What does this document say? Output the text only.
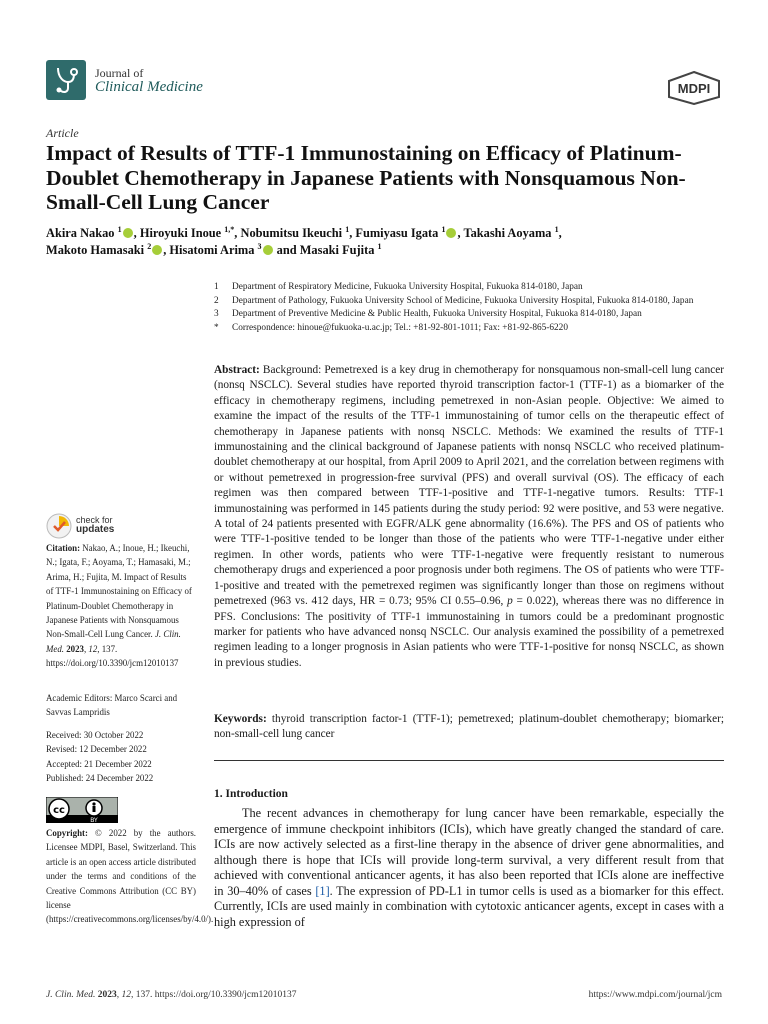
Journal of
Clinical Medicine	MDPI
Article
Impact of Results of TTF-1 Immunostaining on Efficacy of Platinum-Doublet Chemotherapy in Japanese Patients with Nonsquamous Non-Small-Cell Lung Cancer
Akira Nakao $^1$ , Hiroyuki Inoue $^{1,*}$, Nobumitsu Ikeuchi $^1$, Fumiyasu Igata $^1$ , Takashi Aoyama $^1$,
Makoto Hamasaki $^2$ , Hisatomi Arima $^3$ and Masaki Fujita $^1$
1	Department of Respiratory Medicine, Fukuoka University Hospital, Fukuoka 814-0180, Japan
2	Department of Pathology, Fukuoka University School of Medicine, Fukuoka University Hospital, Fukuoka 814-0180, Japan
3	Department of Preventive Medicine & Public Health, Fukuoka University Hospital, Fukuoka 814-0180, Japan
*	Correspondence: hinoue@fukuoka-u.ac.jp; Tel.: +81-92-801-1011; Fax: +81-92-865-6220

Abstract: Background: Pemetrexed is a key drug in chemotherapy for nonsquamous non-small-cell lung cancer (nonsq NSCLC). Several studies have reported thyroid transcription factor-1 (TTF-1) as a biomarker of the efficacy in chemotherapy regimens, including pemetrexed in non-Asian people. Objective: We aimed to examine the impact of the results of the TTF-1 immunostaining of tumor cells on the therapeutic effect of chemotherapy in Japanese patients with nonsq NSCLC. Methods: We examined the results of TTF-1 immunostaining and the clinical background of Japanese patients with nonsq NSCLC who received platinum-doublet chemotherapy at our hospital, from April 2009 to April 2021, and the correlation between regimens with or without pemetrexed in progression-free survival (PFS) and overall survival (OS). The efficacy of each regimen was then compared between TTF-1-positive and TTF-1-negative tumors. Results: TTF-1 immunostaining was performed in 145 patients during the study period: 92 were positive, and 53 were negative. A total of 24 patients presented with EGFR/ALK gene abnormality (16.6%). The PFS and OS of patients who were TTF-1-positive tended to be longer than those of the patients who were TTF-1-negative under either regimen. In other words, patients who were TTF-1-negative were frequently resistant to numerous chemotherapy drugs and experienced a poor prognosis under both regimens. The OS of patients who were TTF-1-positive and treated with the pemetrexed regimen was significantly longer than those on regimens without pemetrexed (963 vs. 412 days, HR = 0.73; 95% CI 0.55–0.96, p = 0.022), whereas there was no difference in PFS. Conclusions: The positivity of TTF-1 immunostaining in tumors could be a predominant prognostic marker for patients who have advanced nonsq NSCLC. Our analysis examined the possibility of a pemetrexed regimen leading to a longer prognosis in Asian patients who were TTF-1-positive for nonsq NSCLC, as shown in previous studies.

Keywords: thyroid transcription factor-1 (TTF-1); pemetrexed; platinum-doublet chemotherapy; biomarker; non-small-cell lung cancer

1. Introduction

The recent advances in chemotherapy for lung cancer have been remarkable, especially the emergence of immune checkpoint inhibitors (ICIs), which have greatly changed the standard of care. ICIs are now actively selected as a first-line therapy in the absence of driver gene abnormalities, and although there is hope that ICIs will provide long-term survival, a very different result from that achieved with conventional anticancer agents, it has also been reported that ICIs alone are ineffective in 30–40% of cases [1]. The expression of PD-L1 in tumor cells is used as a biomarker for this effect. Currently, ICIs are used mainly in combination with cytotoxic anticancer agents, except in cases with a high expression of

check for
updates
Citation: Nakao, A.; Inoue, H.; Ikeuchi, N.; Igata, F.; Aoyama, T.; Hamasaki, M.; Arima, H.; Fujita, M. Impact of Results of TTF-1 Immunostaining on Efficacy of Platinum-Doublet Chemotherapy in Japanese Patients with Nonsquamous Non-Small-Cell Lung Cancer. J. Clin. Med. 2023, 12, 137. https://doi.org/10.3390/jcm12010137
Academic Editors: Marco Scarci and Savvas Lampridis
Received: 30 October 2022
Revised: 12 December 2022
Accepted: 21 December 2022
Published: 24 December 2022
cc
BY
Copyright: © 2022 by the authors. Licensee MDPI, Basel, Switzerland. This article is an open access article distributed under the terms and conditions of the Creative Commons Attribution (CC BY) license (https://creativecommons.org/licenses/by/4.0/).
J. Clin. Med. 2023, 12, 137. https://doi.org/10.3390/jcm12010137	https://www.mdpi.com/journal/jcm
